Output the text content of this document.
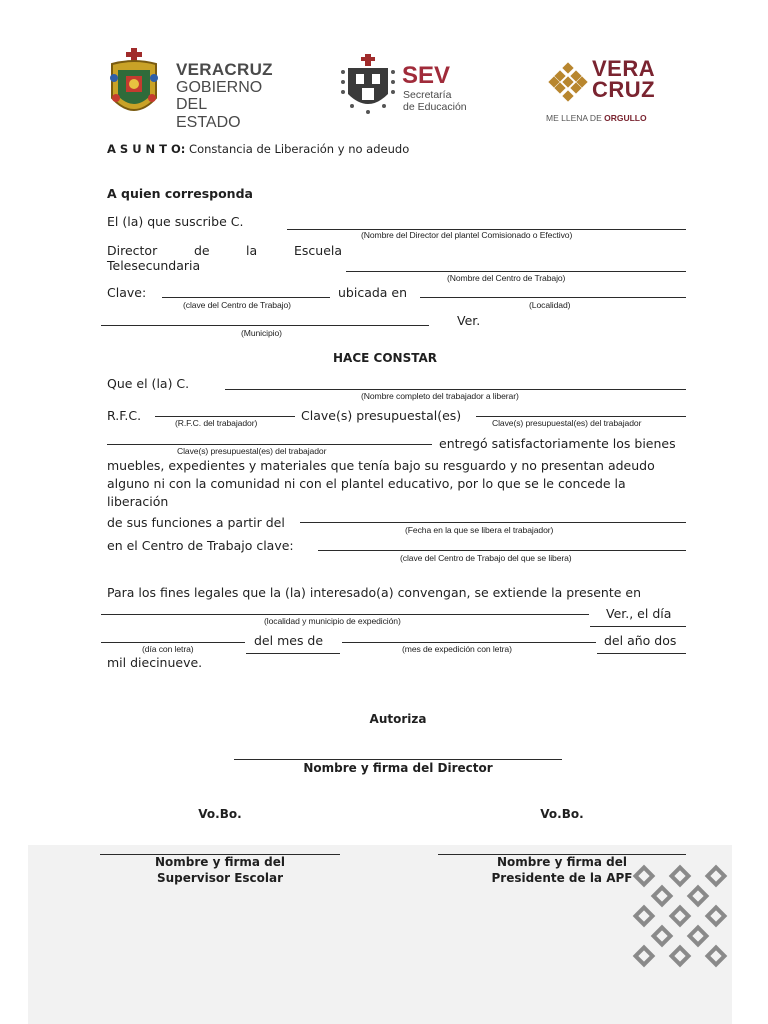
VERACRUZ
GOBIERNO
DEL ESTADO
SEV
Secretaría
de Educación
VERA
CRUZ
ME LLENA DE ORGULLO
A S U N T O: Constancia de Liberación y no adeudo
A quien corresponda
El (la) que suscribe C.
(Nombre del Director del plantel Comisionado o Efectivo)
Director	de	la	Escuela
Telesecundaria
(Nombre del Centro de Trabajo)
Clave:
(clave del Centro de Trabajo)
ubicada en
(Localidad)
Ver.
(Municipio)
HACE CONSTAR
Que el (la) C.
(Nombre completo del trabajador a liberar)
R.F.C.	(R.F.C. del trabajador)	Clave(s) presupuestal(es)	Clave(s) presupuestal(es) del trabajador
Clave(s) presupuestal(es) del trabajador	entregó satisfactoriamente los bienes
muebles, expedientes y materiales que tenía bajo su resguardo y no presentan adeudo
alguno ni con la comunidad ni con el plantel educativo, por lo que se le concede la
liberación
de sus funciones a partir del	(Fecha en la que se libera el trabajador)
en el Centro de Trabajo clave:
(clave del Centro de Trabajo del que se libera)
Para los fines legales que la (la) interesado(a) convengan, se extiende la presente en
(localidad y municipio de expedición)	Ver., el día
(día con letra)
del mes de
(mes de expedición con letra)
del año dos
mil diecinueve.
Autoriza
Nombre y firma del Director
Vo.Bo.	Vo.Bo.
Nombre y firma del
Supervisor Escolar
Nombre y firma del
Presidente de la APF
